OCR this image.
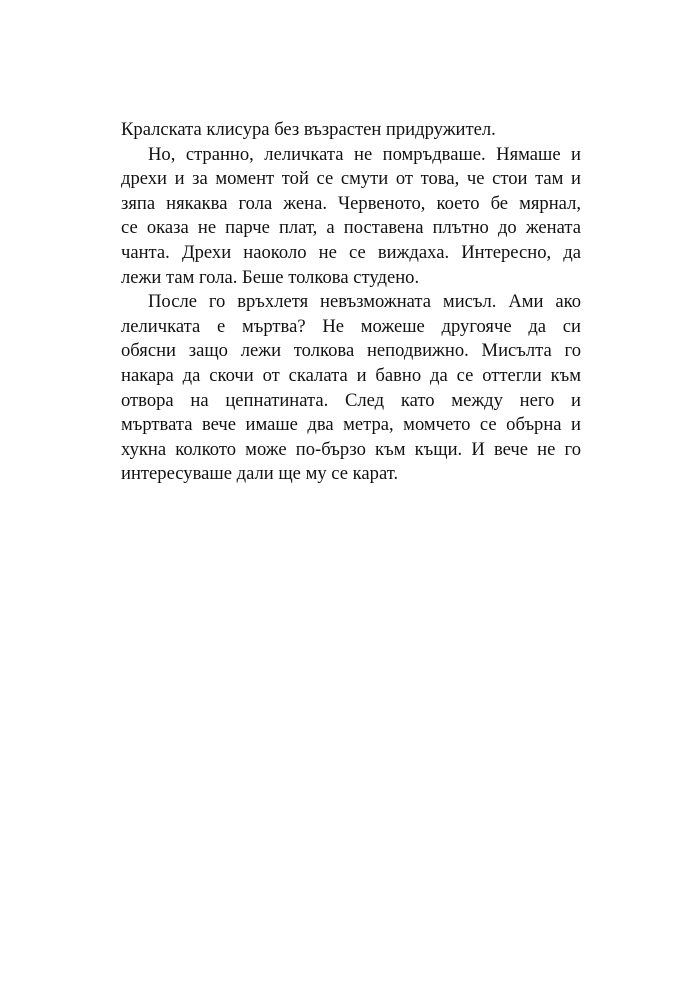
Кралската клисура без възрастен придружител.
Но, странно, леличката не помръдваше. Нямаше и
дрехи и за момент той се смути от това, че стои там и
зяпа някаква гола жена. Червеното, което бе мярнал,
се оказа не парче плат, а поставена плътно до жената
чанта. Дрехи наоколо не се виждаха. Интересно, да
лежи там гола. Беше толкова студено.
После го връхлетя невъзможната мисъл. Ами ако
леличката е мъртва? Не можеше другояче да си
обясни защо лежи толкова неподвижно. Мисълта го
накара да скочи от скалата и бавно да се оттегли към
отвора на цепнатината. След като между него и
мъртвата вече имаше два метра, момчето се обърна и
хукна колкото може по-бързо към къщи. И вече не го
интересуваше дали ще му се карат.
